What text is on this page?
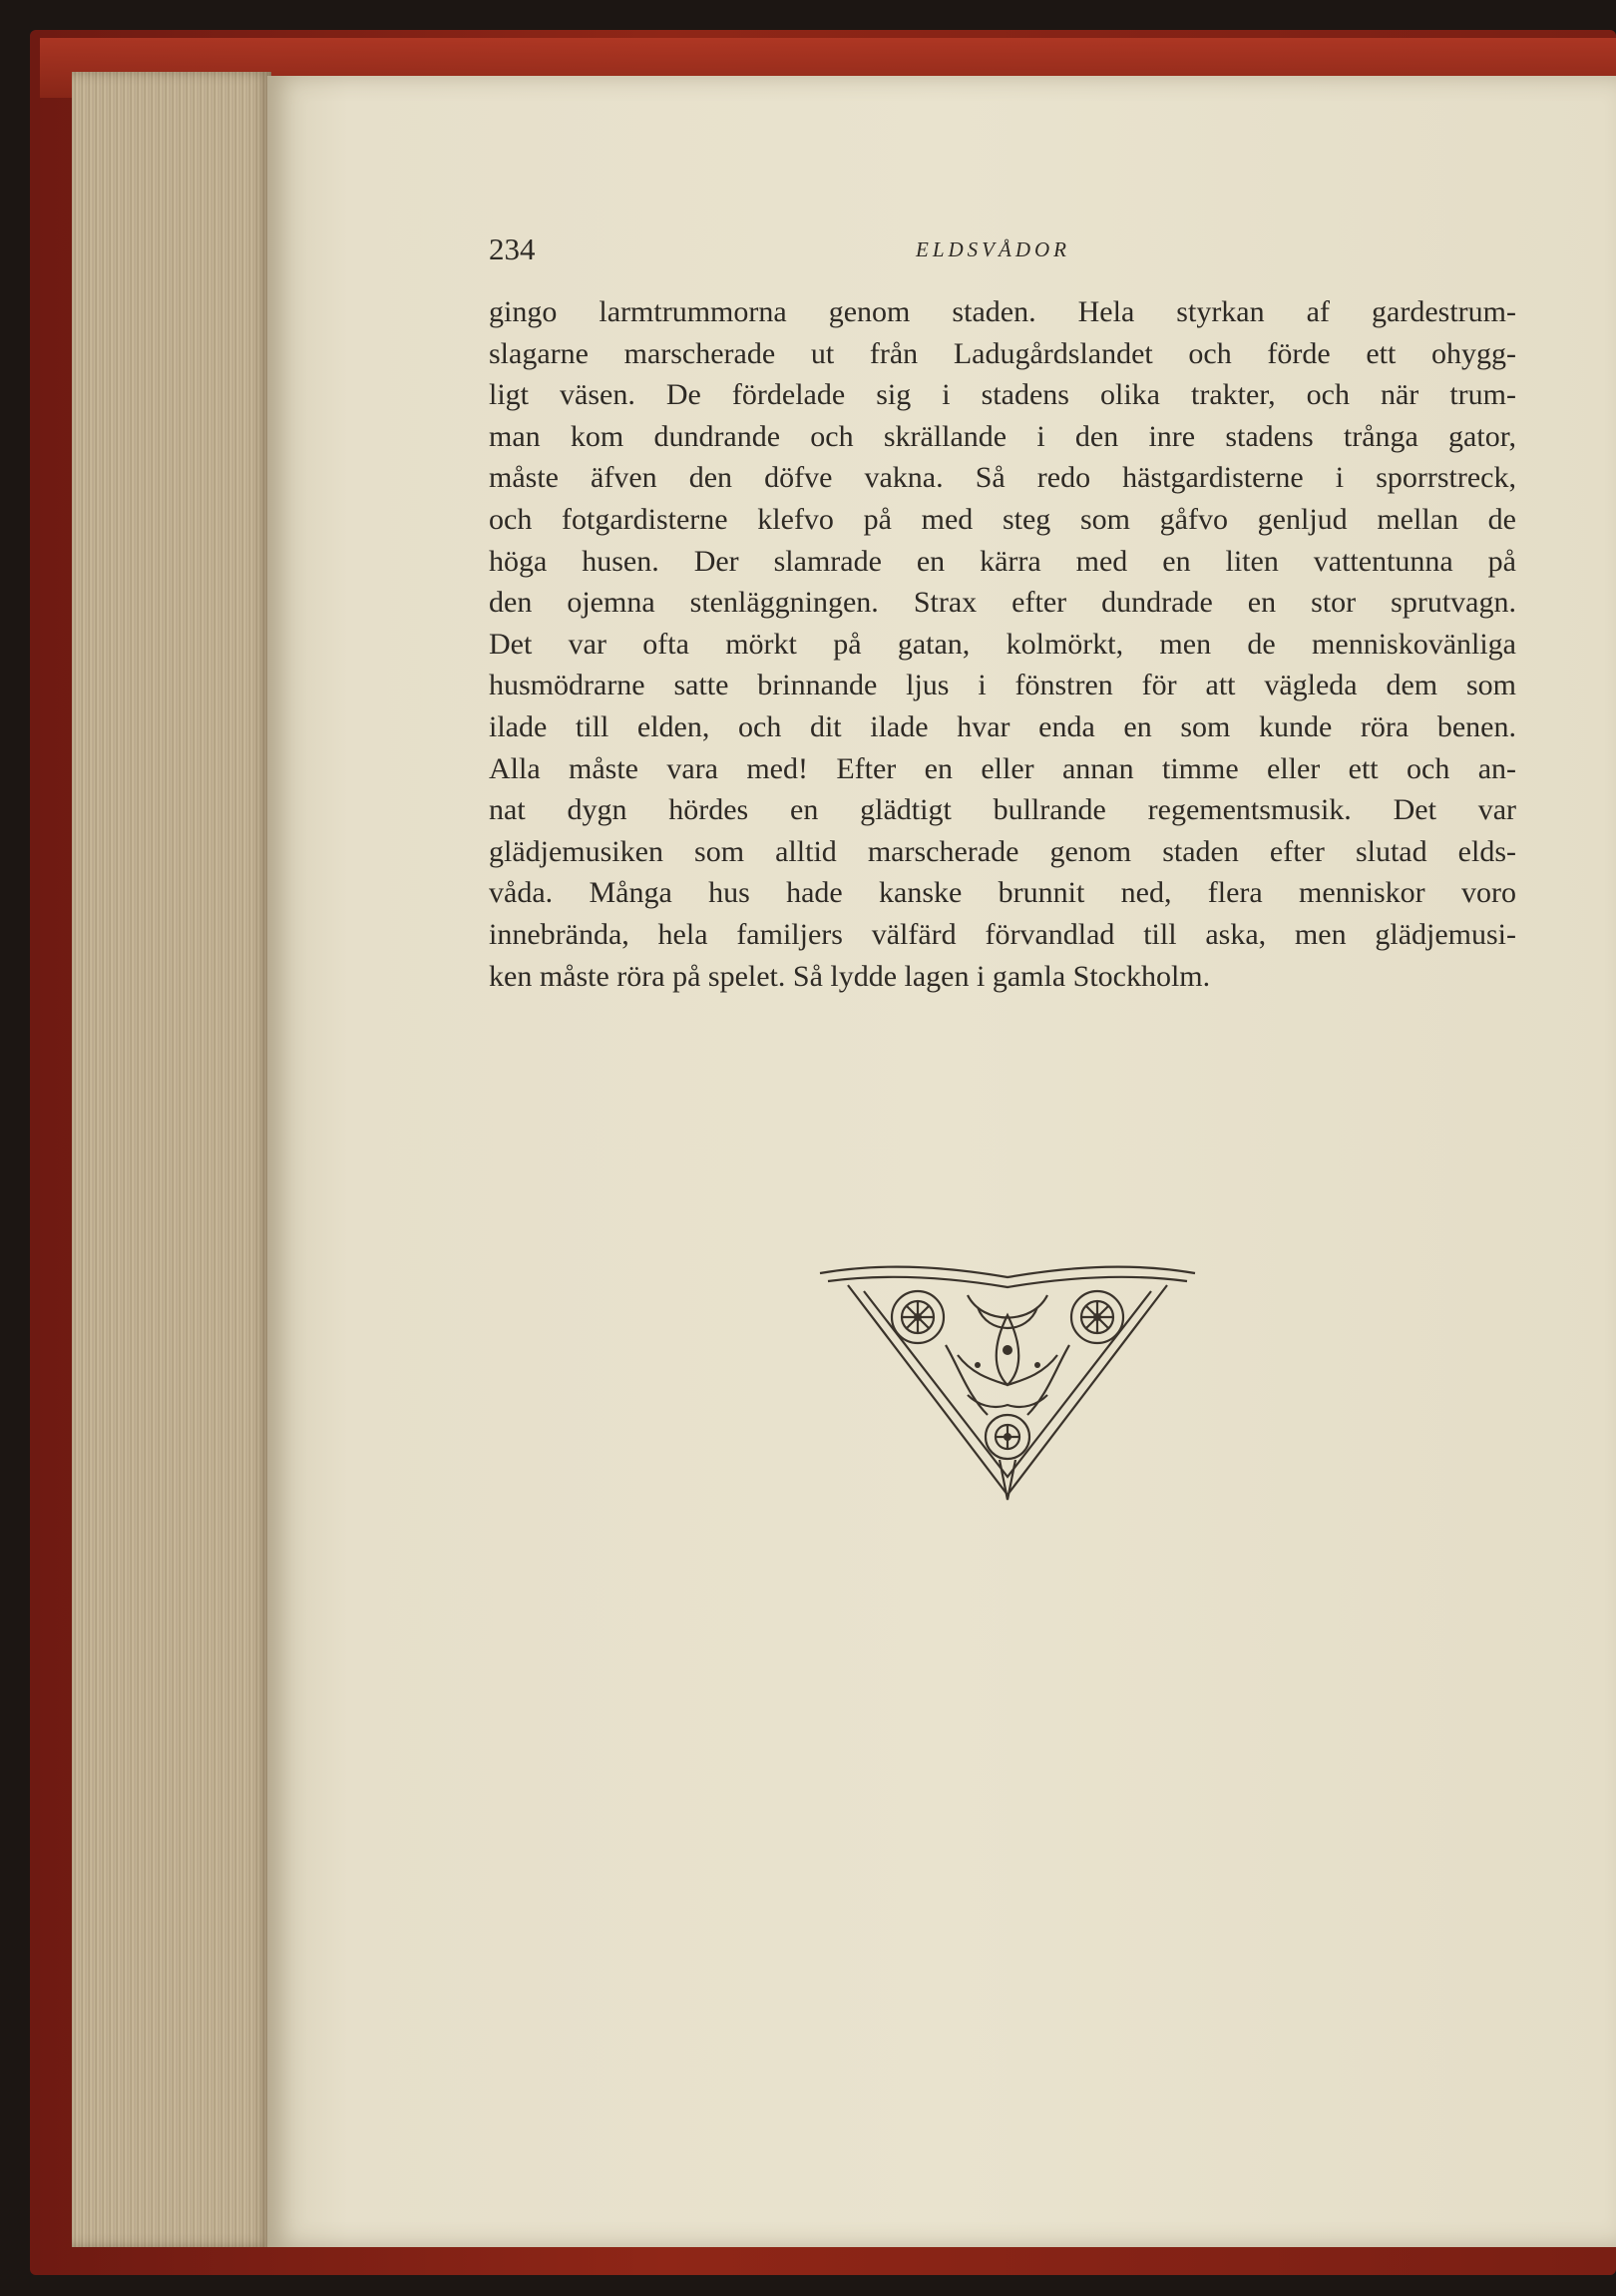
234	ELDSVÅDOR
gingo larmtrummorna genom staden. Hela styrkan af gardestrum-
slagarne marscherade ut från Ladugårdslandet och förde ett ohygg-
ligt väsen. De fördelade sig i stadens olika trakter, och när trum-
man kom dundrande och skrällande i den inre stadens trånga gator,
måste äfven den döfve vakna. Så redo hästgardisterne i sporrstreck,
och fotgardisterne klefvo på med steg som gåfvo genljud mellan de
höga husen. Der slamrade en kärra med en liten vattentunna på
den ojemna stenläggningen. Strax efter dundrade en stor sprutvagn.
Det var ofta mörkt på gatan, kolmörkt, men de menniskovänliga
husmödrarne satte brinnande ljus i fönstren för att vägleda dem som
ilade till elden, och dit ilade hvar enda en som kunde röra benen.
Alla måste vara med! Efter en eller annan timme eller ett och an-
nat dygn hördes en glädtigt bullrande regementsmusik. Det var
glädjemusiken som alltid marscherade genom staden efter slutad elds-
våda. Många hus hade kanske brunnit ned, flera menniskor voro
innebrända, hela familjers välfärd förvandlad till aska, men glädjemusi-
ken måste röra på spelet. Så lydde lagen i gamla Stockholm.
